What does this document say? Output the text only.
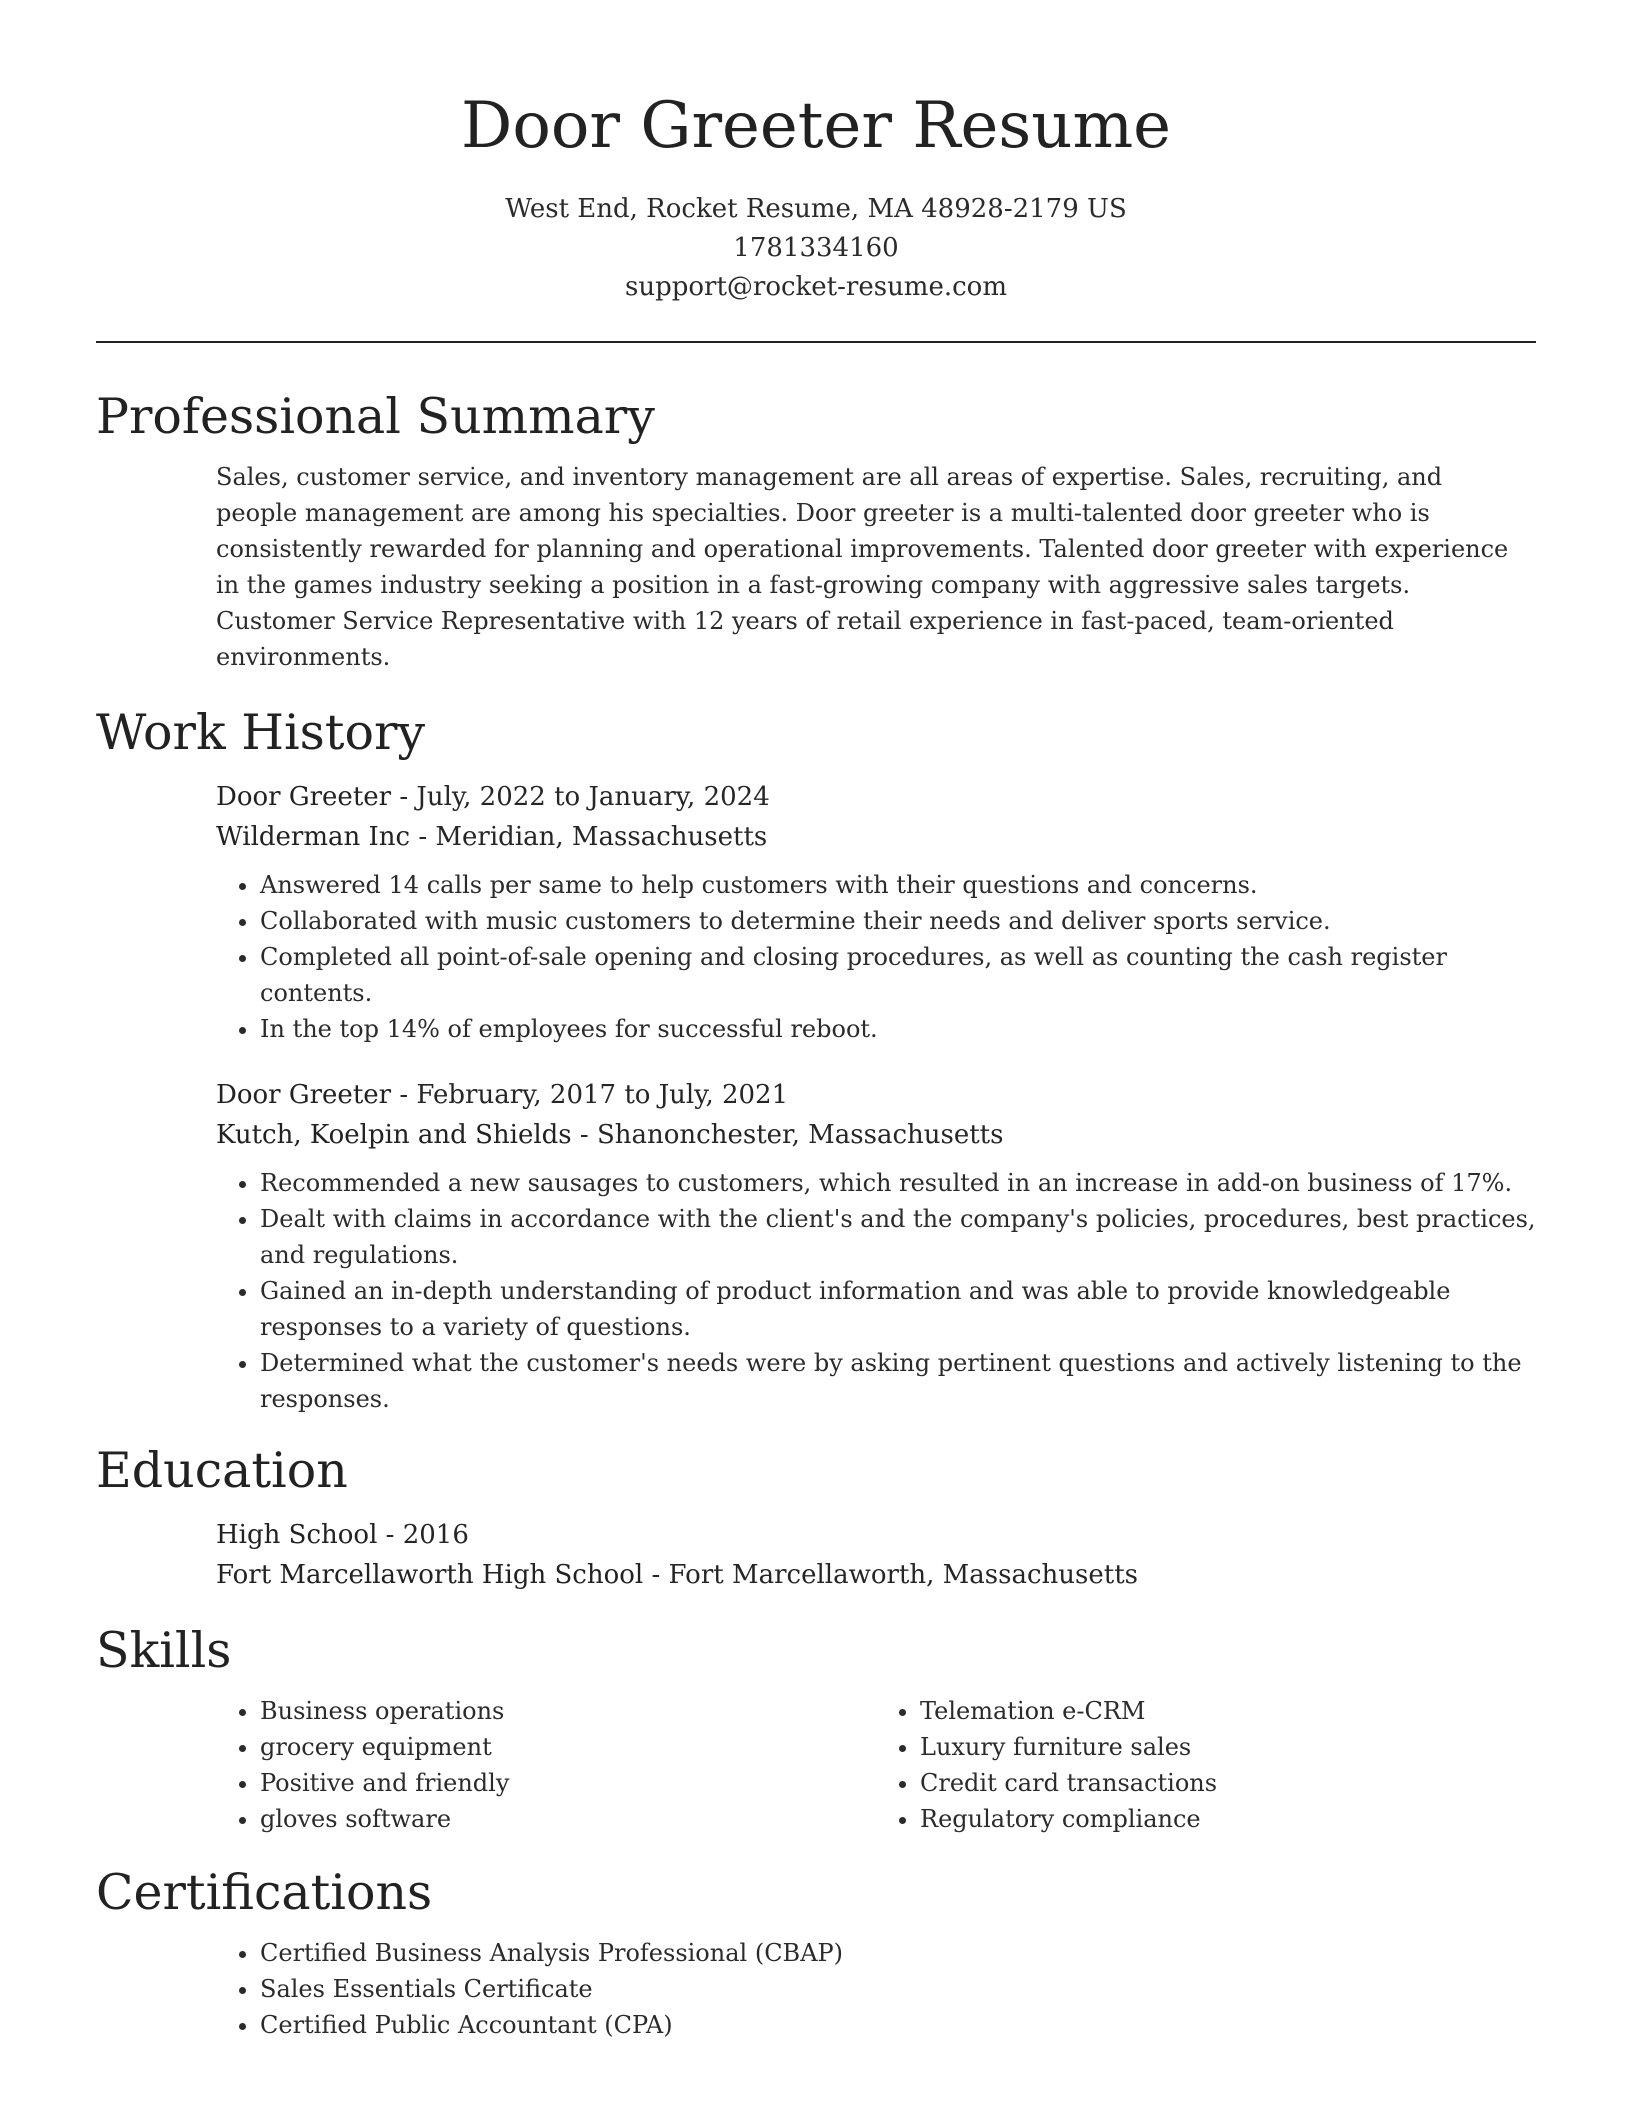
Door Greeter Resume
West End, Rocket Resume, MA 48928-2179 US
1781334160
support@rocket-resume.com
Professional Summary

Sales, customer service, and inventory management are all areas of expertise. Sales, recruiting, and people management are among his specialties. Door greeter is a multi-talented door greeter who is consistently rewarded for planning and operational improvements. Talented door greeter with experience in the games industry seeking a position in a fast-growing company with aggressive sales targets. Customer Service Representative with 12 years of retail experience in fast-paced, team-oriented environments.

Work History
Door Greeter - July, 2022 to January, 2024
Wilderman Inc - Meridian, Massachusetts
• Answered 14 calls per same to help customers with their questions and concerns.
• Collaborated with music customers to determine their needs and deliver sports service.
• Completed all point-of-sale opening and closing procedures, as well as counting the cash register contents.
• In the top 14% of employees for successful reboot.
Door Greeter - February, 2017 to July, 2021
Kutch, Koelpin and Shields - Shanonchester, Massachusetts
• Recommended a new sausages to customers, which resulted in an increase in add-on business of 17%.
• Dealt with claims in accordance with the client's and the company's policies, procedures, best practices, and regulations.
• Gained an in-depth understanding of product information and was able to provide knowledgeable responses to a variety of questions.
• Determined what the customer's needs were by asking pertinent questions and actively listening to the responses.
Education
High School - 2016
Fort Marcellaworth High School - Fort Marcellaworth, Massachusetts
Skills
• Business operations
• grocery equipment
• Positive and friendly
• gloves software
• Telemation e-CRM
• Luxury furniture sales
• Credit card transactions
• Regulatory compliance
Certifications
• Certified Business Analysis Professional (CBAP)
• Sales Essentials Certificate
• Certified Public Accountant (CPA)
